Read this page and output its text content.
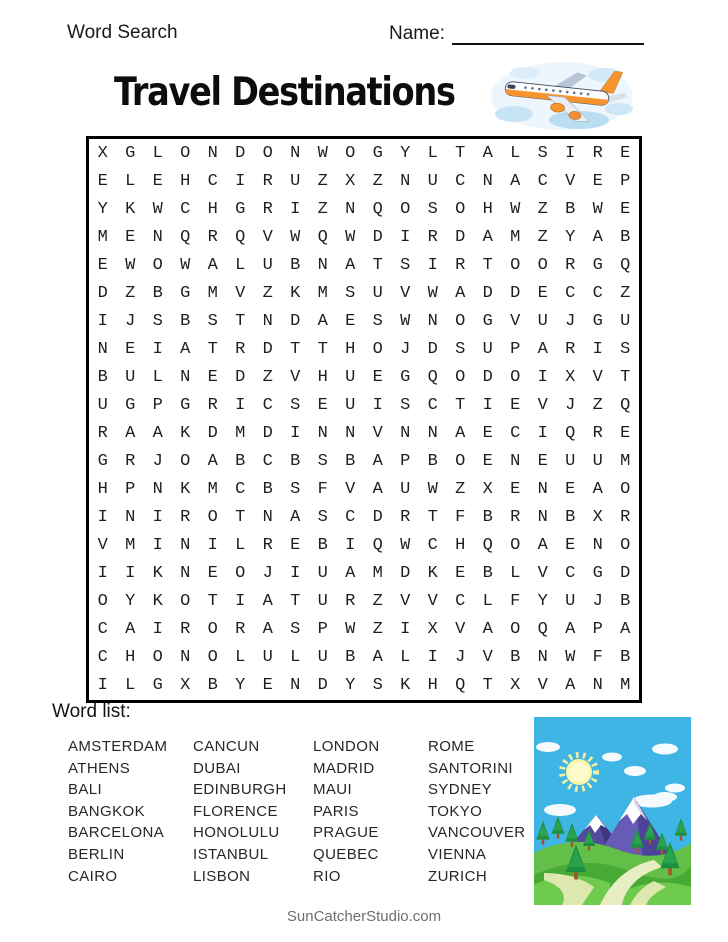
Word Search	Name:
Travel Destinations
X	G	L	O	N	D	O	N	W	O	G	Y	L	T	A	L	S	I	R	E
E	L	E	H	C	I	R	U	Z	X	Z	N	U	C	N	A	C	V	E	P
Y	K	W	C	H	G	R	I	Z	N	Q	O	S	O	H	W	Z	B	W	E
M	E	N	Q	R	Q	V	W	Q	W	D	I	R	D	A	M	Z	Y	A	B
E	W	O	W	A	L	U	B	N	A	T	S	I	R	T	O	O	R	G	Q
D	Z	B	G	M	V	Z	K	M	S	U	V	W	A	D	D	E	C	C	Z
I	J	S	B	S	T	N	D	A	E	S	W	N	O	G	V	U	J	G	U
N	E	I	A	T	R	D	T	T	H	O	J	D	S	U	P	A	R	I	S
B	U	L	N	E	D	Z	V	H	U	E	G	Q	O	D	O	I	X	V	T
U	G	P	G	R	I	C	S	E	U	I	S	C	T	I	E	V	J	Z	Q
R	A	A	K	D	M	D	I	N	N	V	N	N	A	E	C	I	Q	R	E
G	R	J	O	A	B	C	B	S	B	A	P	B	O	E	N	E	U	U	M
H	P	N	K	M	C	B	S	F	V	A	U	W	Z	X	E	N	E	A	O
I	N	I	R	O	T	N	A	S	C	D	R	T	F	B	R	N	B	X	R
V	M	I	N	I	L	R	E	B	I	Q	W	C	H	Q	O	A	E	N	O
I	I	K	N	E	O	J	I	U	A	M	D	K	E	B	L	V	C	G	D
O	Y	K	O	T	I	A	T	U	R	Z	V	V	C	L	F	Y	U	J	B
C	A	I	R	O	R	A	S	P	W	Z	I	X	V	A	O	Q	A	P	A
C	H	O	N	O	L	U	L	U	B	A	L	I	J	V	B	N	W	F	B
I	L	G	X	B	Y	E	N	D	Y	S	K	H	Q	T	X	V	A	N	M
Word list:
AMSTERDAM
ATHENS
BALI
BANGKOK
BARCELONA
BERLIN
CAIRO
CANCUN
DUBAI
EDINBURGH
FLORENCE
HONOLULU
ISTANBUL
LISBON
LONDON
MADRID
MAUI
PARIS
PRAGUE
QUEBEC
RIO
ROME
SANTORINI
SYDNEY
TOKYO
VANCOUVER
VIENNA
ZURICH
SunCatcherStudio.com
